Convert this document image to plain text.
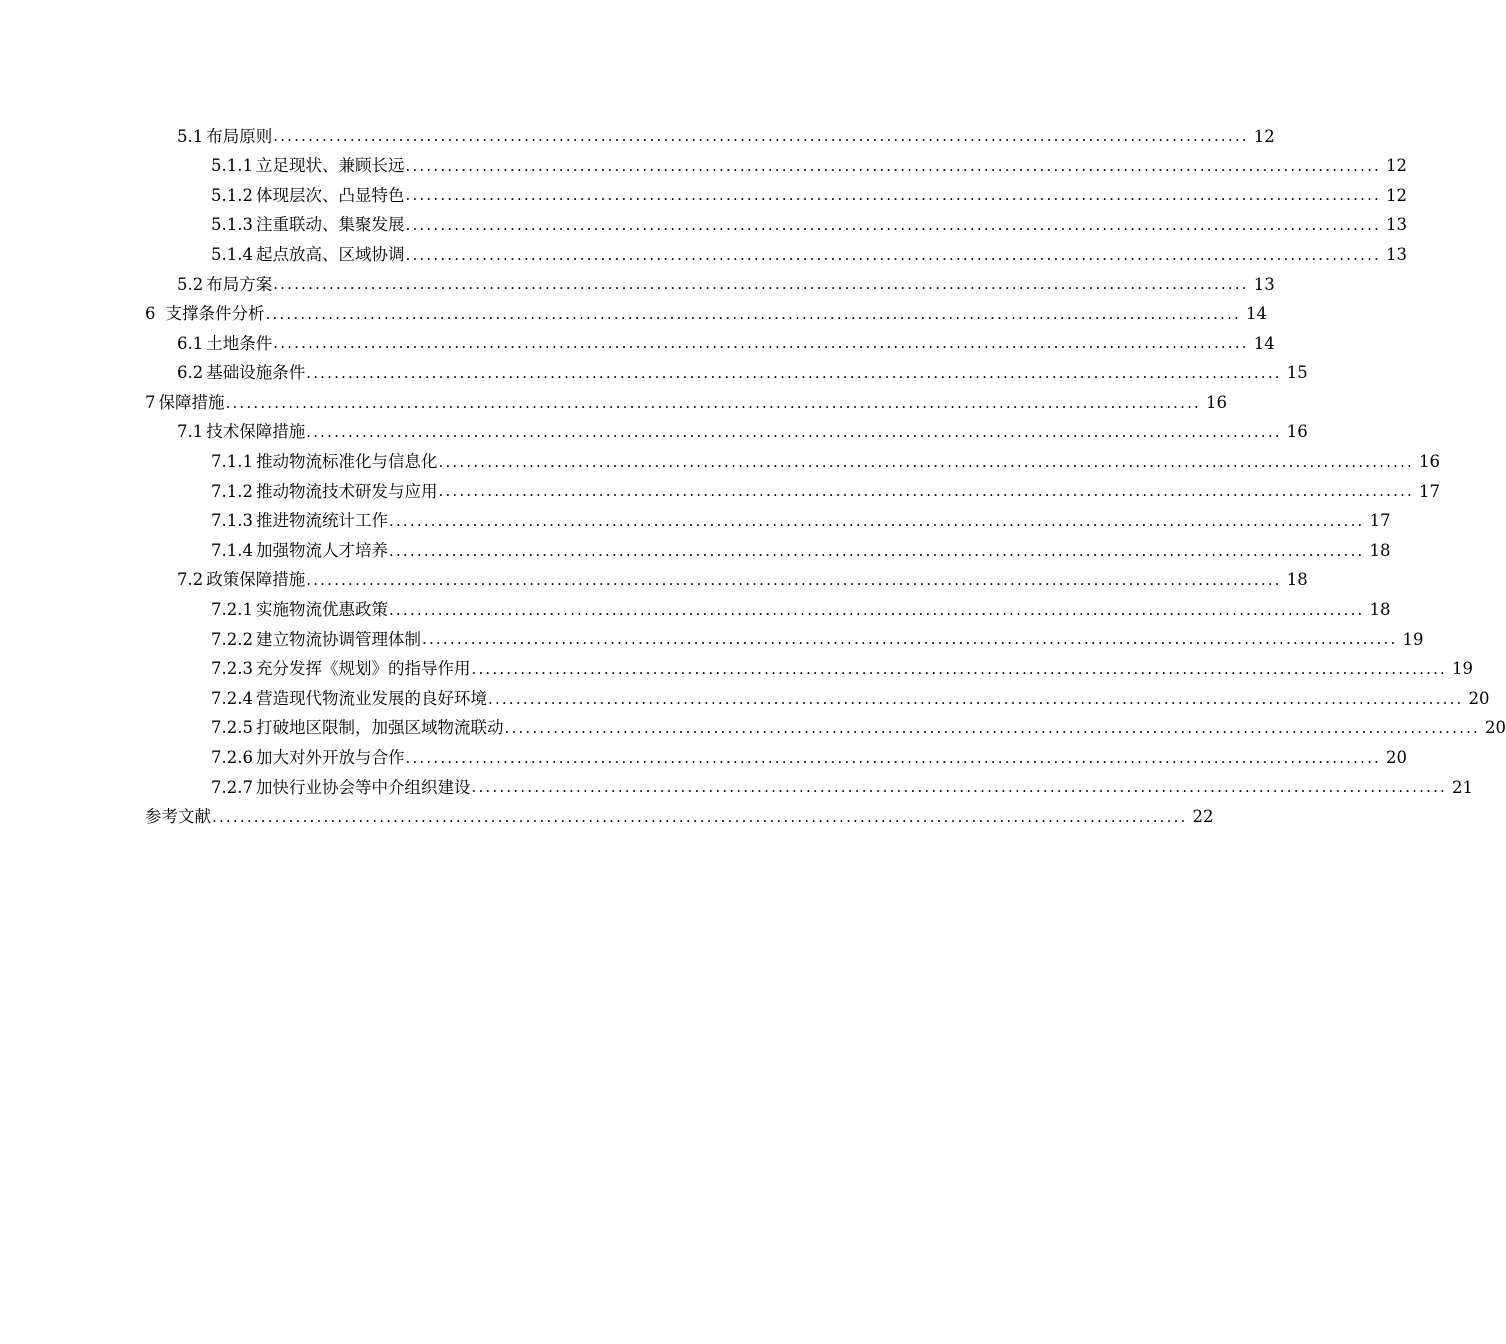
5.1 布局原则 ............................................................................................................................................ 12
5.1.1 立足现状、兼顾长远 ............................................................................................................................................ 12
5.1.2 体现层次、凸显特色 ............................................................................................................................................ 12
5.1.3 注重联动、集聚发展 ............................................................................................................................................ 13
5.1.4 起点放高、区域协调 ............................................................................................................................................ 13
5.2 布局方案 ............................................................................................................................................ 13
6 支撑条件分析 ............................................................................................................................................ 14
6.1 土地条件 ............................................................................................................................................ 14
6.2 基础设施条件 ............................................................................................................................................ 15
7 保障措施 ............................................................................................................................................ 16
7.1 技术保障措施 ............................................................................................................................................ 16
7.1.1 推动物流标准化与信息化 ............................................................................................................................................ 16
7.1.2 推动物流技术研发与应用 ............................................................................................................................................ 17
7.1.3 推进物流统计工作 ............................................................................................................................................ 17
7.1.4 加强物流人才培养 ............................................................................................................................................ 18
7.2 政策保障措施 ............................................................................................................................................ 18
7.2.1 实施物流优惠政策 ............................................................................................................................................ 18
7.2.2 建立物流协调管理体制 ............................................................................................................................................ 19
7.2.3 充分发挥《规划》的指导作用 ............................................................................................................................................ 19
7.2.4 营造现代物流业发展的良好环境 ............................................................................................................................................ 20
7.2.5 打破地区限制，加强区域物流联动 ............................................................................................................................................ 20
7.2.6 加大对外开放与合作 ............................................................................................................................................ 20
7.2.7 加快行业协会等中介组织建设 ............................................................................................................................................ 21
参考文献 ............................................................................................................................................ 22
